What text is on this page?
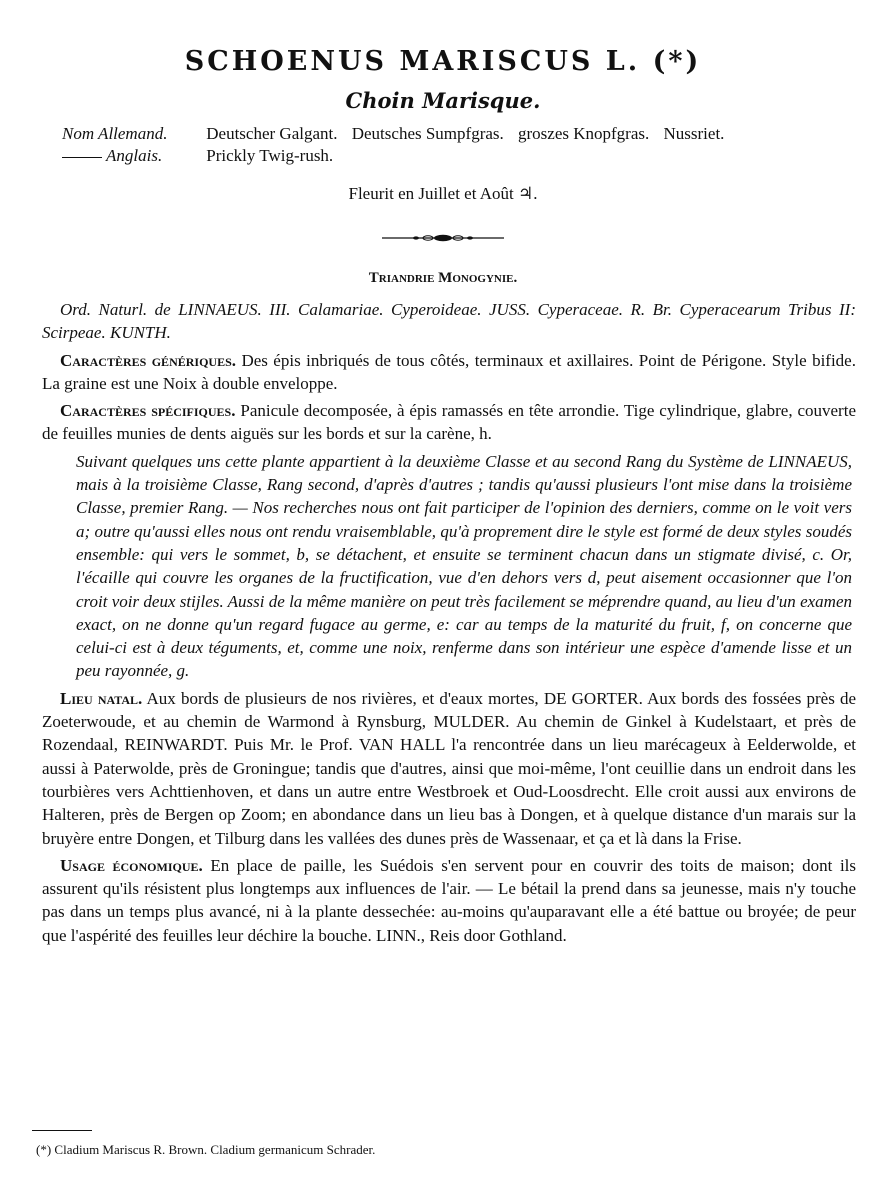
SCHOENUS MARISCUS L. (*)
Choin Marisque.
Nom Allemand. Deutscher Galgant. Deutsches Sumpfgras. groszes Knopfgras. Nussriet.
Anglais.	Prickly Twig-rush.
Fleurit en Juillet et Août ♃.
Triandrie Monogynie.

Ord. Naturl. de LINNAEUS. III. Calamariae. Cyperoideae. JUSS. Cyperaceae. R. Br. Cyperacearum Tribus II: Scirpeae. KUNTH.

Caractères génériques. Des épis inbriqués de tous côtés, terminaux et axillaires. Point de Périgone. Style bifide. La graine est une Noix à double enveloppe.

Caractères spécifiques. Panicule decomposée, à épis ramassés en tête arrondie. Tige cylindrique, glabre, couverte de feuilles munies de dents aiguës sur les bords et sur la carène, h.

Suivant quelques uns cette plante appartient à la deuxième Classe et au second Rang du Système de LINNAEUS, mais à la troisième Classe, Rang second, d'après d'autres ; tandis qu'aussi plusieurs l'ont mise dans la troisième Classe, premier Rang. — Nos recherches nous ont fait participer de l'opinion des derniers, comme on le voit vers a; outre qu'aussi elles nous ont rendu vraisemblable, qu'à proprement dire le style est formé de deux styles soudés ensemble: qui vers le sommet, b, se détachent, et ensuite se terminent chacun dans un stigmate divisé, c. Or, l'écaille qui couvre les organes de la fructification, vue d'en dehors vers d, peut aisement occasionner que l'on croit voir deux stijles. Aussi de la même manière on peut très facilement se méprendre quand, au lieu d'un examen exact, on ne donne qu'un regard fugace au germe, e: car au temps de la maturité du fruit, f, on concerne que celui-ci est à deux téguments, et, comme une noix, renferme dans son intérieur une espèce d'amende lisse et un peu rayonnée, g.

Lieu natal. Aux bords de plusieurs de nos rivières, et d'eaux mortes, DE GORTER. Aux bords des fossées près de Zoeterwoude, et au chemin de Warmond à Rynsburg, MULDER. Au chemin de Ginkel à Kudelstaart, et près de Rozendaal, REINWARDT. Puis Mr. le Prof. VAN HALL l'a rencontrée dans un lieu marécageux à Eelderwolde, et aussi à Paterwolde, près de Groningue; tandis que d'autres, ainsi que moi-même, l'ont ceuillie dans un endroit dans les tourbières vers Achttienhoven, et dans un autre entre Westbroek et Oud-Loosdrecht. Elle croit aussi aux environs de Halteren, près de Bergen op Zoom; en abondance dans un lieu bas à Dongen, et à quelque distance d'un marais sur la bruyère entre Dongen, et Tilburg dans les vallées des dunes près de Wassenaar, et ça et là dans la Frise.

Usage économique. En place de paille, les Suédois s'en servent pour en couvrir des toits de maison; dont ils assurent qu'ils résistent plus longtemps aux influences de l'air. — Le bétail la prend dans sa jeunesse, mais n'y touche pas dans un temps plus avancé, ni à la plante dessechée: au-moins qu'auparavant elle a été battue ou broyée; de peur que l'aspérité des feuilles leur déchire la bouche. LINN., Reis door Gothland.

(*) Cladium Mariscus R. Brown. Cladium germanicum Schrader.
